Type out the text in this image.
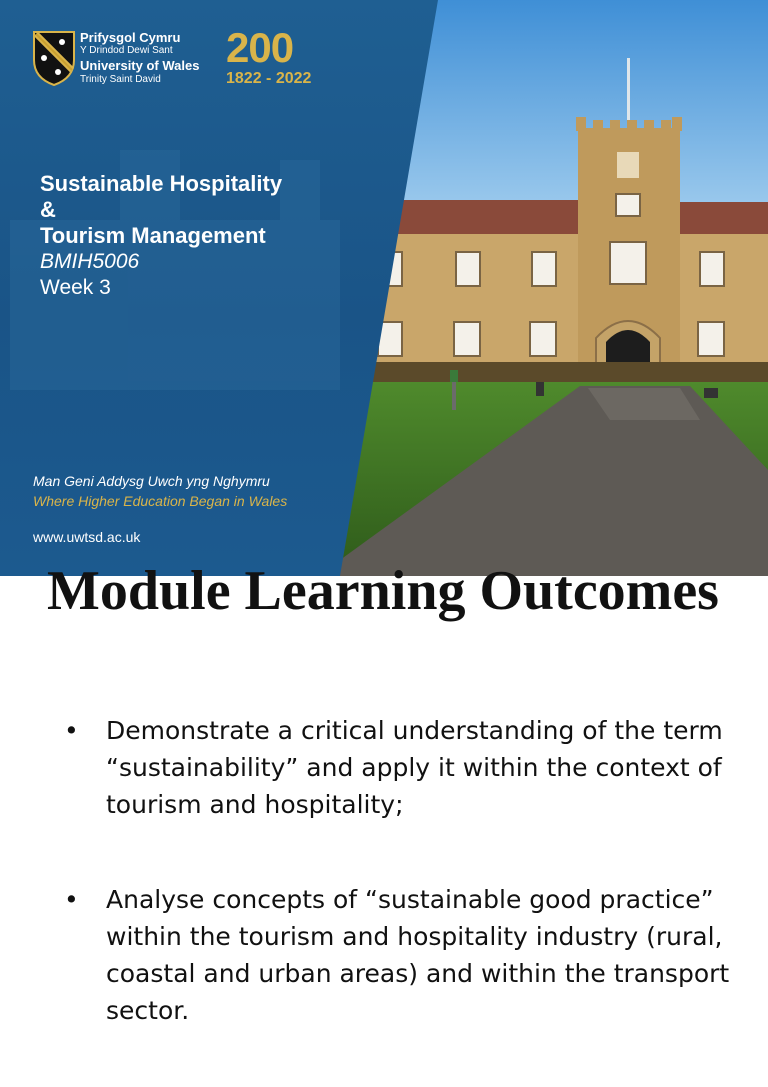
Prifysgol Cymru
Y Drindod Dewi Sant
University of Wales
Trinity Saint David
200
1822 - 2022
Sustainable Hospitality
&
Tourism Management
BMIH5006
Week 3
Man Geni Addysg Uwch yng Nghymru
Where Higher Education Began in Wales
www.uwtsd.ac.uk
Module Learning Outcomes
• Demonstrate a critical understanding of the term “sustainability” and apply it within the context of tourism and hospitality;
• Analyse concepts of “sustainable good practice” within the tourism and hospitality industry (rural, coastal and urban areas) and within the transport sector.
